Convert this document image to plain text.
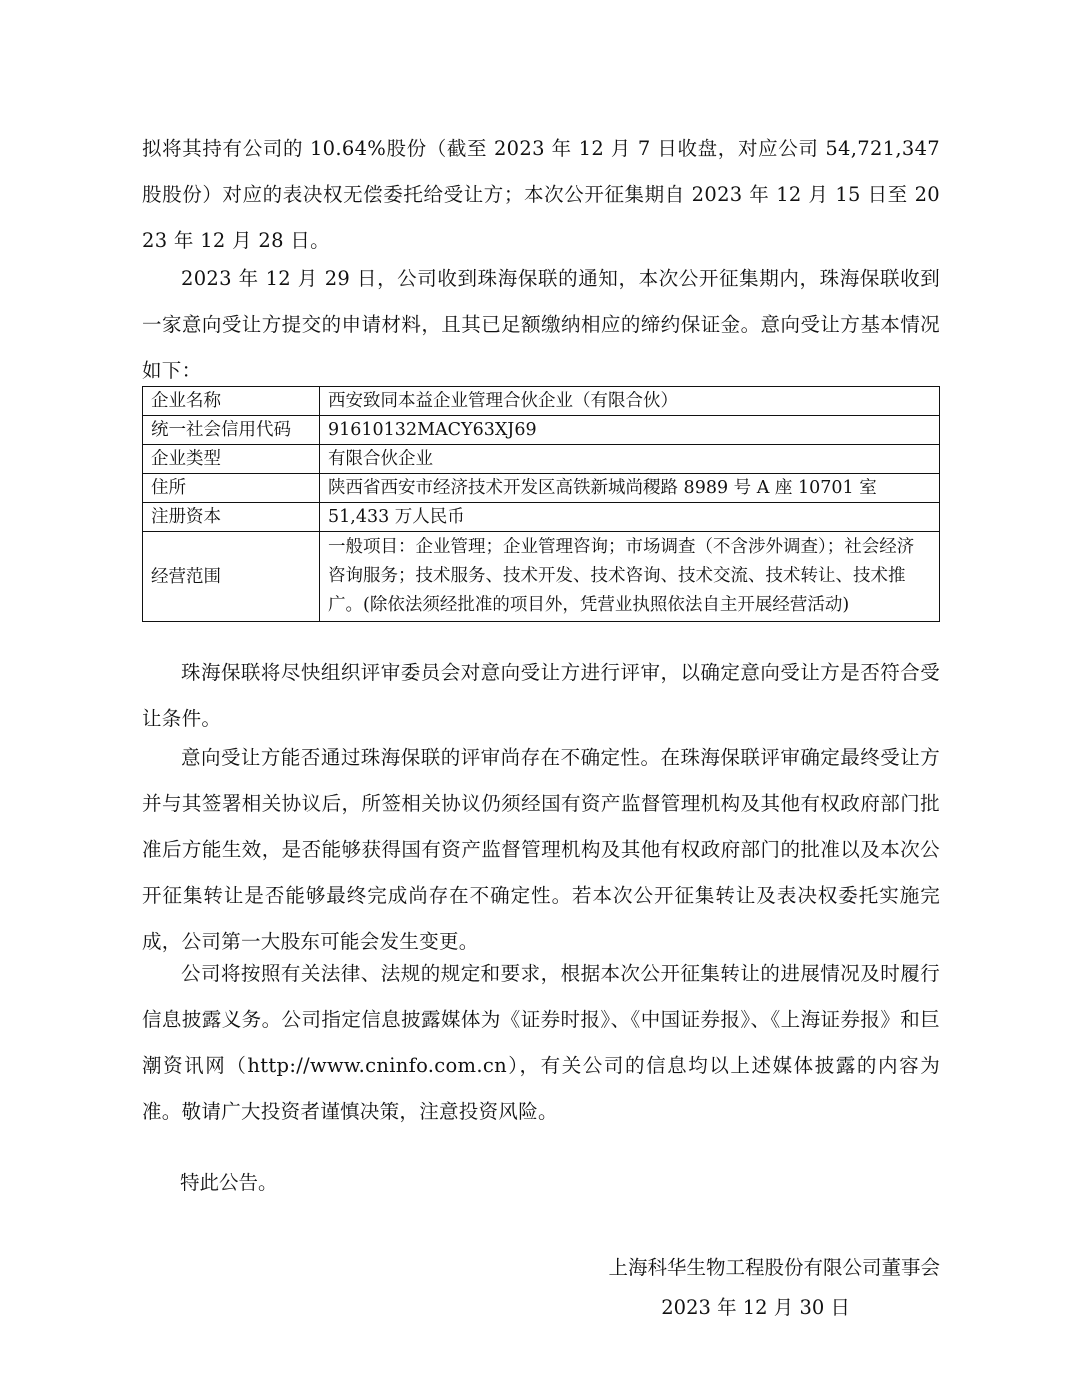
拟将其持有公司的 10.64%股份（截至 2023 年 12 月 7 日收盘，对应公司 54,721,347 股股份）对应的表决权无偿委托给受让方；本次公开征集期自 2023 年 12 月 15 日至 2023 年 12 月 28 日。

2023 年 12 月 29 日，公司收到珠海保联的通知，本次公开征集期内，珠海保联收到一家意向受让方提交的申请材料，且其已足额缴纳相应的缔约保证金。意向受让方基本情况如下：

企业名称	西安致同本益企业管理合伙企业（有限合伙）
统一社会信用代码	91610132MACY63XJ69
企业类型	有限合伙企业
住所	陕西省西安市经济技术开发区高铁新城尚稷路 8989 号 A 座 10701 室
注册资本	51,433 万人民币
经营范围	一般项目：企业管理；企业管理咨询；市场调查（不含涉外调查）；社会经济咨询服务；技术服务、技术开发、技术咨询、技术交流、技术转让、技术推广。(除依法须经批准的项目外，凭营业执照依法自主开展经营活动)

珠海保联将尽快组织评审委员会对意向受让方进行评审，以确定意向受让方是否符合受让条件。

意向受让方能否通过珠海保联的评审尚存在不确定性。在珠海保联评审确定最终受让方并与其签署相关协议后，所签相关协议仍须经国有资产监督管理机构及其他有权政府部门批准后方能生效，是否能够获得国有资产监督管理机构及其他有权政府部门的批准以及本次公开征集转让是否能够最终完成尚存在不确定性。若本次公开征集转让及表决权委托实施完成，公司第一大股东可能会发生变更。

公司将按照有关法律、法规的规定和要求，根据本次公开征集转让的进展情况及时履行信息披露义务。公司指定信息披露媒体为《证券时报》、《中国证券报》、《上海证券报》和巨潮资讯网（http://www.cninfo.com.cn），有关公司的信息均以上述媒体披露的内容为准。敬请广大投资者谨慎决策，注意投资风险。

特此公告。
上海科华生物工程股份有限公司董事会
2023 年 12 月 30 日
